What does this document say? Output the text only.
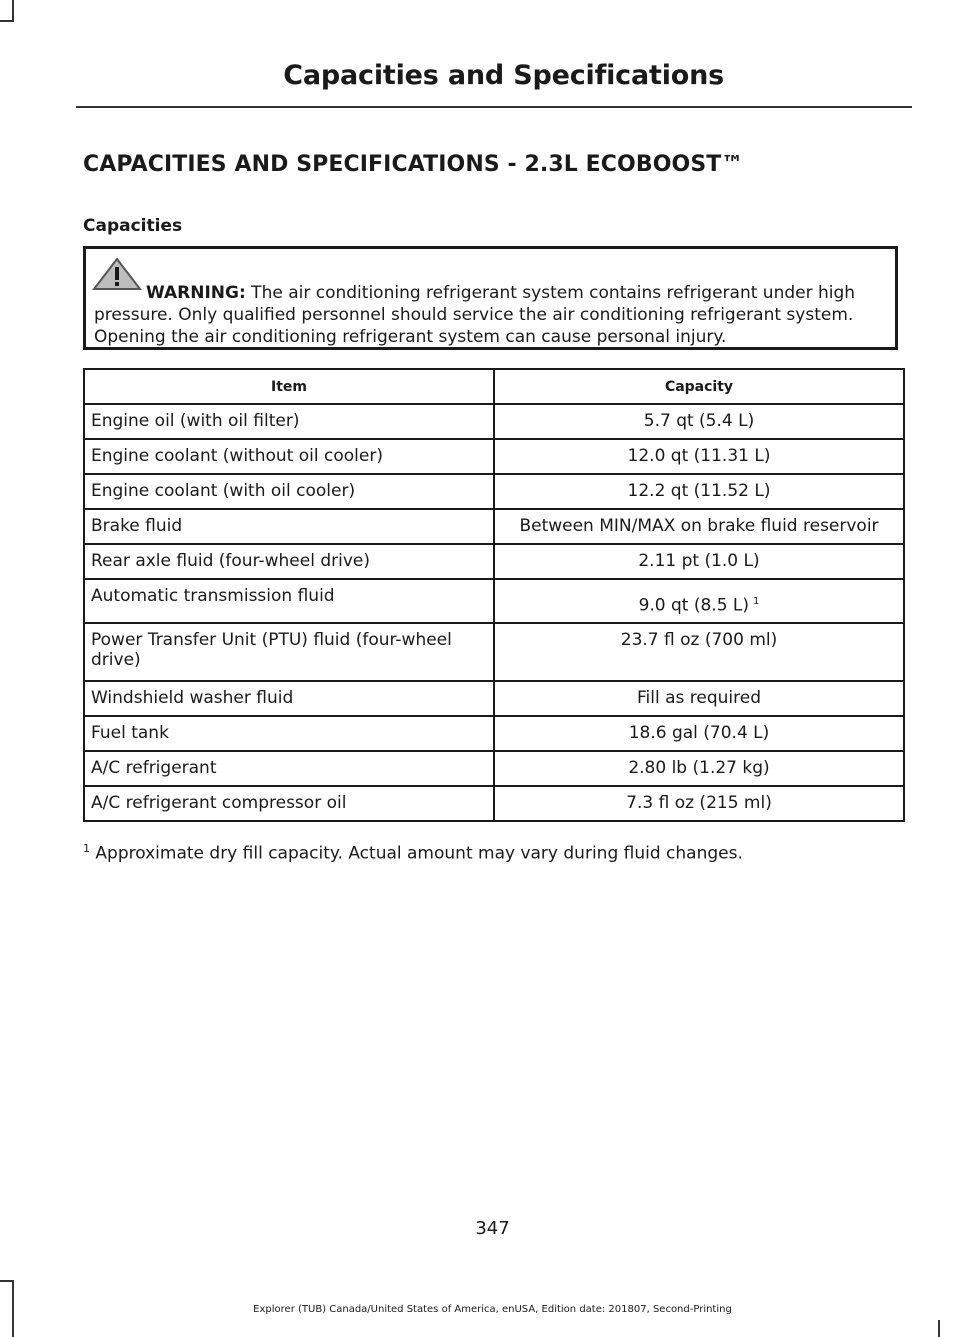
Capacities and Specifications
CAPACITIES AND SPECIFICATIONS - 2.3L ECOBOOST™
Capacities

WARNING: The air conditioning refrigerant system contains refrigerant under high pressure. Only qualified personnel should service the air conditioning refrigerant system. Opening the air conditioning refrigerant system can cause personal injury.

Item	Capacity
Engine oil (with oil filter)	5.7 qt (5.4 L)
Engine coolant (without oil cooler)	12.0 qt (11.31 L)
Engine coolant (with oil cooler)	12.2 qt (11.52 L)
Brake fluid	Between MIN/MAX on brake fluid reservoir
Rear axle fluid (four-wheel drive)	2.11 pt (1.0 L)
Automatic transmission fluid	9.0 qt (8.5 L) $^1$
Power Transfer Unit (PTU) fluid (four-wheel drive)	23.7 fl oz (700 ml)
Windshield washer fluid	Fill as required
Fuel tank	18.6 gal (70.4 L)
A/C refrigerant	2.80 lb (1.27 kg)
A/C refrigerant compressor oil	7.3 fl oz (215 ml)
$^1$ Approximate dry fill capacity. Actual amount may vary during fluid changes.
347
Explorer (TUB) Canada/United States of America, enUSA, Edition date: 201807, Second-Printing
